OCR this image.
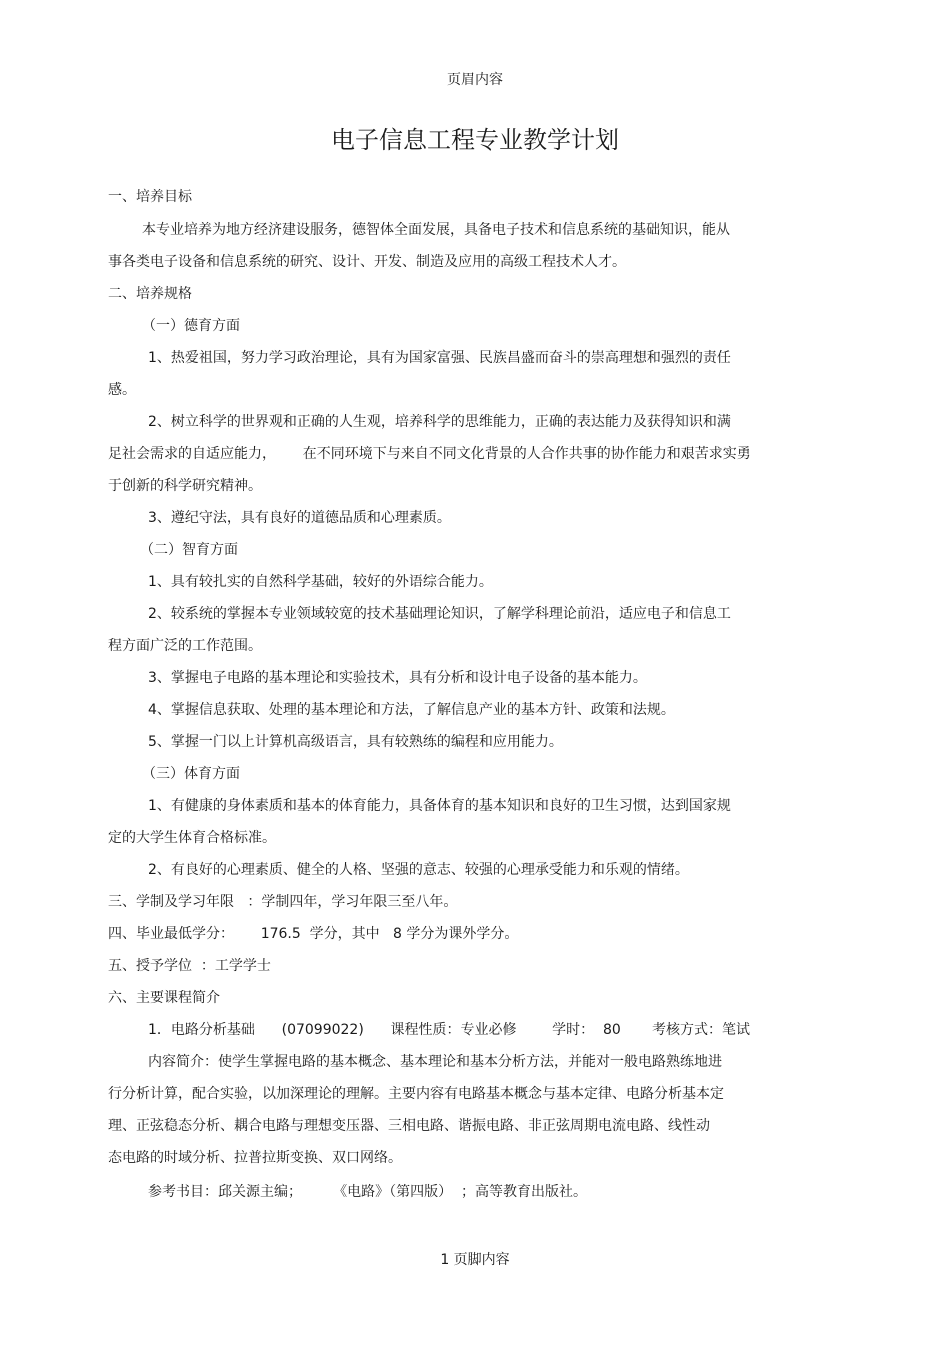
页眉内容
电子信息工程专业教学计划
一、培养目标
本专业培养为地方经济建设服务，德智体全面发展，具备电子技术和信息系统的基础知识，能从
事各类电子设备和信息系统的研究、设计、开发、制造及应用的高级工程技术人才。
二、培养规格
（一）德育方面
1、热爱祖国，努力学习政治理论，具有为国家富强、民族昌盛而奋斗的崇高理想和强烈的责任
感。
2、树立科学的世界观和正确的人生观，培养科学的思维能力，正确的表达能力及获得知识和满
足社会需求的自适应能力，      在不同环境下与来自不同文化背景的人合作共事的协作能力和艰苦求实勇
于创新的科学研究精神。
3、遵纪守法，具有良好的道德品质和心理素质。
（二）智育方面
1、具有较扎实的自然科学基础，较好的外语综合能力。
2、较系统的掌握本专业领域较宽的技术基础理论知识，了解学科理论前沿，适应电子和信息工
程方面广泛的工作范围。
3、掌握电子电路的基本理论和实验技术，具有分析和设计电子设备的基本能力。
4、掌握信息获取、处理的基本理论和方法，了解信息产业的基本方针、政策和法规。
5、掌握一门以上计算机高级语言，具有较熟练的编程和应用能力。
（三）体育方面
1、有健康的身体素质和基本的体育能力，具备体育的基本知识和良好的卫生习惯，达到国家规
定的大学生体育合格标准。
2、有良好的心理素质、健全的人格、坚强的意志、较强的心理承受能力和乐观的情绪。
三、学制及学习年限   ：学制四年，学习年限三至八年。
四、毕业最低学分：      176.5  学分，其中   8 学分为课外学分。
五、授予学位  ：工学学士
六、主要课程简介
1．电路分析基础      (07099022)      课程性质：专业必修        学时：  80       考核方式：笔试
内容简介：使学生掌握电路的基本概念、基本理论和基本分析方法，并能对一般电路熟练地进
行分析计算，配合实验，以加深理论的理解。主要内容有电路基本概念与基本定律、电路分析基本定
理、正弦稳态分析、耦合电路与理想变压器、三相电路、谐振电路、非正弦周期电流电路、线性动
态电路的时域分析、拉普拉斯变换、双口网络。
参考书目：邱关源主编；       《电路》（第四版）  ；高等教育出版社。
1 页脚内容
